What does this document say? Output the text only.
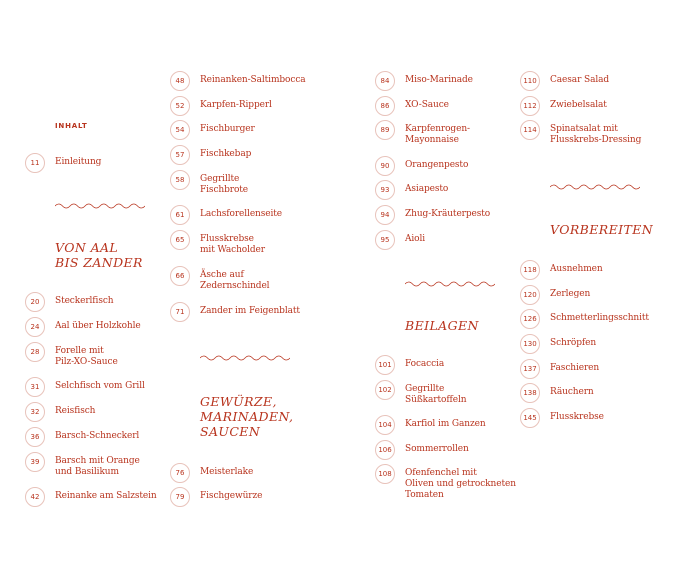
INHALT
11	Einleitung
VON AAL
BIS ZANDER
20	Steckerlfisch
24	Aal über Holzkohle
28	Forelle mit
Pilz-XO-Sauce
31	Selchfisch vom Grill
32	Reisfisch
36	Barsch-Schneckerl
39	Barsch mit Orange
und Basilikum
42	Reinanke am Salzstein
48	Reinanken-Saltimbocca
52	Karpfen-Ripperl
54	Fischburger
57	Fischkebap
58	Gegrillte
Fischbrote
61	Lachsforellenseite
65	Flusskrebse
mit Wacholder
66	Äsche auf
Zedernschindel
71	Zander im Feigenblatt
GEWÜRZE,
MARINADEN,
SAUCEN
76	Meisterlake
79	Fischgewürze
84	Miso-Marinade
86	XO-Sauce
89	Karpfenrogen-
Mayonnaise
90	Orangenpesto
93	Asiapesto
94	Zhug-Kräuterpesto
95	Aioli
BEILAGEN
101	Focaccia
102	Gegrillte
Süßkartoffeln
104	Karfiol im Ganzen
106	Sommerrollen
108	Ofenfenchel mit
Oliven und getrockneten
Tomaten
110	Caesar Salad
112	Zwiebelsalat
114	Spinatsalat mit
Flusskrebs-Dressing
VORBEREITEN
118	Ausnehmen
120	Zerlegen
126	Schmetterlingsschnitt
130	Schröpfen
137	Faschieren
138	Räuchern
145	Flusskrebse
